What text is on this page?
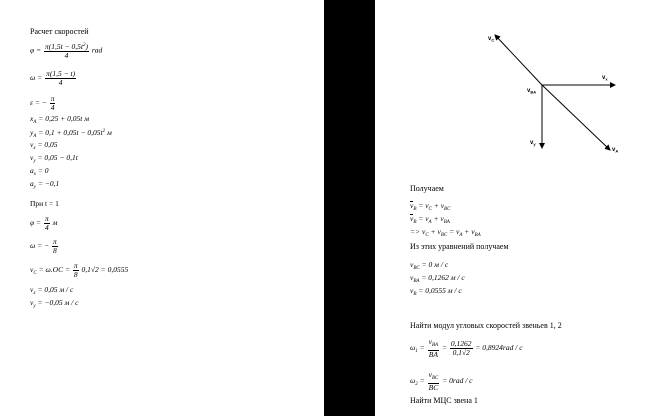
Расчет скоростей
$\varphi = \frac{\pi(1,5t - 0,5t^2)}{4}$ rad
$\omega = \frac{\pi(1,5 - t)}{4}$
ε = − $\frac{\pi}{4}$
$x_A = 0,25 + 0,05t$ м
$y_A = 0,1 + 0,05t - 0,05t^2$ м
$v_x = 0,05$
$v_y = 0,05 - 0,1t$
$a_x = 0$
$a_y = -0,1$
При t = 1
$\varphi = \frac{\pi}{4}$ м
ω = − $\frac{\pi}{8}$
$v_C = \omega.OC = \frac{\pi}{8} 0,1√2 = 0,0555$
$v_x = 0,05$ м / с
$v_y = -0,05$ м / с
$v_C$
$v_x$
$v_{BA}$
$v_y$
$v_A$
Получаем
$v_B = v_C + v_{BC}$
$v_B = v_A + v_{BA}$
=> $v_C + v_{BC} = v_A + v_{BA}$
Из этих уравнений получаем
$v_{BC} = 0$ м / с
$v_{BA} = 0,1262$ м / с
$v_B = 0,0555$ м / с
Найти модул угловых скоростей звеньев 1, 2
$\omega_1 = \frac{v_{BA}}{BA} = \frac{0,1262}{0,1√2} = 0,8924rad / с$
$\omega_2 = \frac{v_{BC}}{BC} = 0rad / с$
Найти МЦС звена 1
